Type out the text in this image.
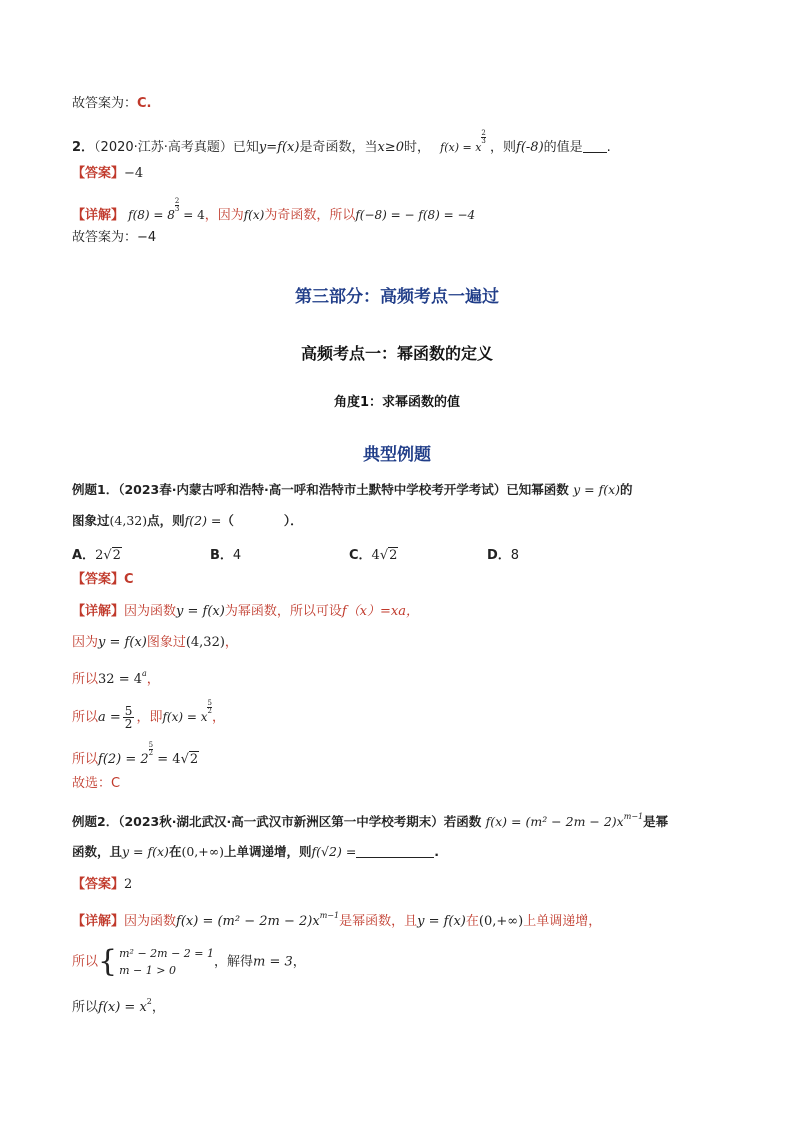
故答案为：C.
2．（2020·江苏·高考真题）已知y=f(x)是奇函数，当x≥0时， f(x) = x
$\frac{2}{3}$
，则f(-8)的值是 .
【答案】−4
【详解】 f(8) = 8
$\frac{2}{3}$
= 4，因为f(x)为奇函数，所以f(−8) = − f(8) = −4
故答案为：−4
第三部分：高频考点一遍过
高频考点一：幂函数的定义
角度1：求幂函数的值
典型例题
例题1．（2023春·内蒙古呼和浩特·高一呼和浩特市土默特中学校考开学考试）已知幂函数 y = f(x)的
图象过(4,32)点，则f(2) =（　　　　）．
A．2√2	B．4	C．4√2	D．8
【答案】C
【详解】因为函数y = f(x)为幂函数，所以可设f（x）=xa，
因为y = f(x)图象过(4,32)，
所以$32 = 4^a$，
所以$a = \frac{5}{2}$ ，即f(x) = x
$\frac{5}{2}$
，
所以f(2) = 2
$\frac{5}{2}$
= 4√2
故选：C
例题2．（2023秋·湖北武汉·高一武汉市新洲区第一中学校考期末）若函数 $f(x) = (m^2 - 2m - 2)x^{m-1}$是幂
函数，且y = f(x)在(0,+∞)上单调递增，则f(√2) =	.
【答案】2
【详解】因为函数$f(x) = (m^2 - 2m - 2)x^{m-1}$是幂函数，且y = f(x)在(0,+∞)上单调递增，
所以{ m² − 2m − 2 = 1
m − 1 > 0
，解得m = 3，
所以$f(x) = x^2$，
